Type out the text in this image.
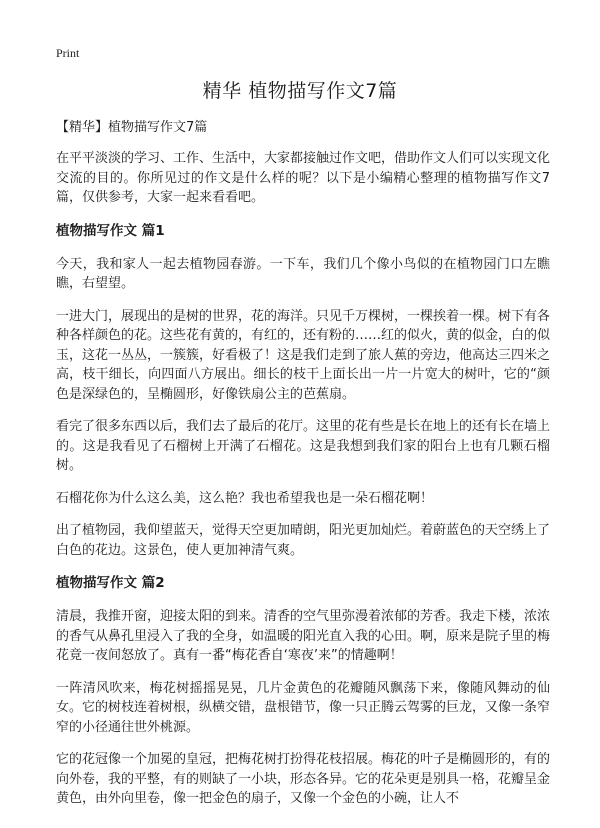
Print
精华 植物描写作文7篇

【精华】植物描写作文7篇

在平平淡淡的学习、工作、生活中，大家都接触过作文吧，借助作文人们可以实现文化交流的目的。你所见过的作文是什么样的呢？以下是小编精心整理的植物描写作文7篇，仅供参考，大家一起来看看吧。

植物描写作文 篇1

今天，我和家人一起去植物园春游。一下车，我们几个像小鸟似的在植物园门口左瞧瞧，右望望。

一进大门，展现出的是树的世界，花的海洋。只见千万棵树，一棵挨着一棵。树下有各种各样颜色的花。这些花有黄的，有红的，还有粉的……红的似火，黄的似金，白的似玉，这花一丛丛，一簇簇，好看极了！这是我们走到了旅人蕉的旁边，他高达三四米之高，枝干细长，向四面八方展出。细长的枝干上面长出一片一片宽大的树叶，它的“颜色是深绿色的，呈椭圆形，好像铁扇公主的芭蕉扇。

看完了很多东西以后，我们去了最后的花厅。这里的花有些是长在地上的还有长在墙上的。这是我看见了石榴树上开满了石榴花。这是我想到我们家的阳台上也有几颗石榴树。

石榴花你为什么这么美，这么艳？我也希望我也是一朵石榴花啊！

出了植物园，我仰望蓝天，觉得天空更加晴朗，阳光更加灿烂。着蔚蓝色的天空绣上了白色的花边。这景色，使人更加神清气爽。

植物描写作文 篇2

清晨，我推开窗，迎接太阳的到来。清香的空气里弥漫着浓郁的芳香。我走下楼，浓浓的香气从鼻孔里浸入了我的全身，如温暖的阳光直入我的心田。啊，原来是院子里的梅花竟一夜间怒放了。真有一番“梅花香自‘寒夜’来”的情趣啊！

一阵清风吹来，梅花树摇摇晃晃，几片金黄色的花瓣随风飘荡下来，像随风舞动的仙女。它的树枝连着树根，纵横交错，盘根错节，像一只正腾云驾雾的巨龙，又像一条窄窄的小径通往世外桃源。

它的花冠像一个加冕的皇冠，把梅花树打扮得花枝招展。梅花的叶子是椭圆形的，有的向外卷，我的平整，有的则缺了一小块，形态各异。它的花朵更是别具一格，花瓣呈金黄色，由外向里卷，像一把金色的扇子，又像一个金色的小碗，让人不
